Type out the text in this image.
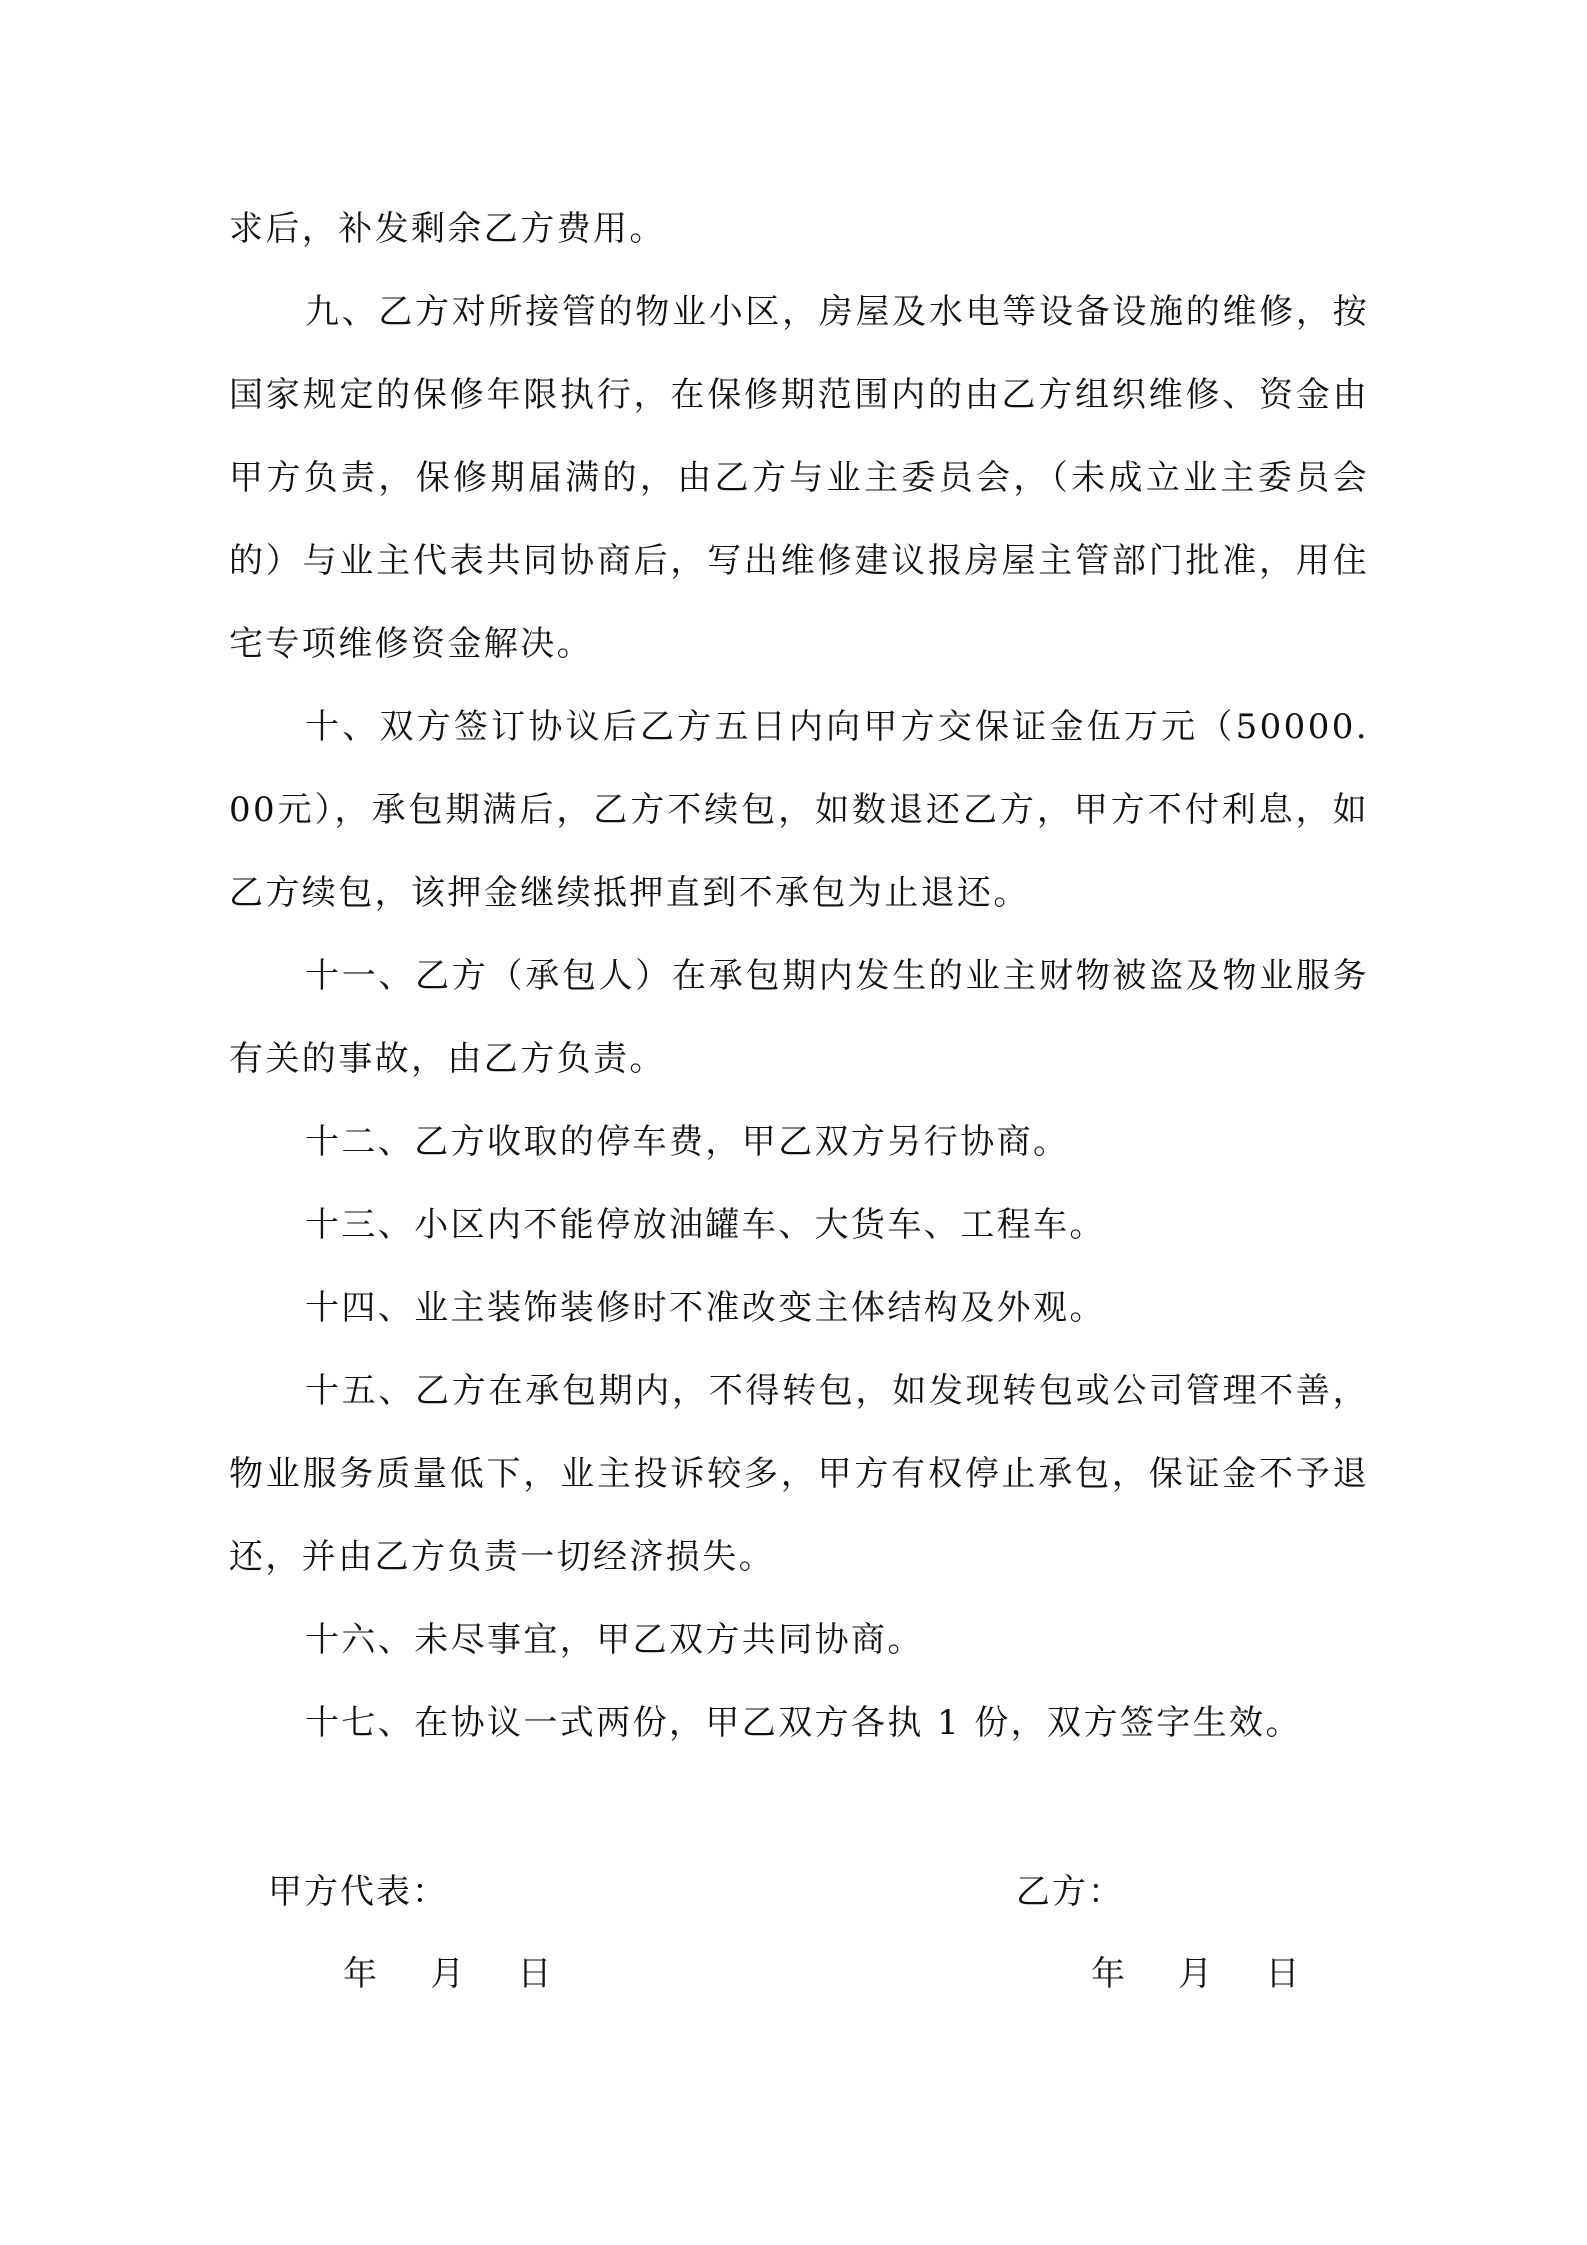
求后，补发剩余乙方费用。

九、乙方对所接管的物业小区，房屋及水电等设备设施的维修，按国家规定的保修年限执行，在保修期范围内的由乙方组织维修、资金由甲方负责，保修期届满的，由乙方与业主委员会，（未成立业主委员会的）与业主代表共同协商后，写出维修建议报房屋主管部门批准，用住宅专项维修资金解决。

十、双方签订协议后乙方五日内向甲方交保证金伍万元（50000.00元），承包期满后，乙方不续包，如数退还乙方，甲方不付利息，如乙方续包，该押金继续抵押直到不承包为止退还。

十一、乙方（承包人）在承包期内发生的业主财物被盗及物业服务有关的事故，由乙方负责。

十二、乙方收取的停车费，甲乙双方另行协商。

十三、小区内不能停放油罐车、大货车、工程车。

十四、业主装饰装修时不准改变主体结构及外观。

十五、乙方在承包期内，不得转包，如发现转包或公司管理不善，物业服务质量低下，业主投诉较多，甲方有权停止承包，保证金不予退还，并由乙方负责一切经济损失。

十六、未尽事宜，甲乙双方共同协商。

十七、在协议一式两份，甲乙双方各执 1 份，双方签字生效。

甲方代表：	乙方：
年    月    日	年    月    日
